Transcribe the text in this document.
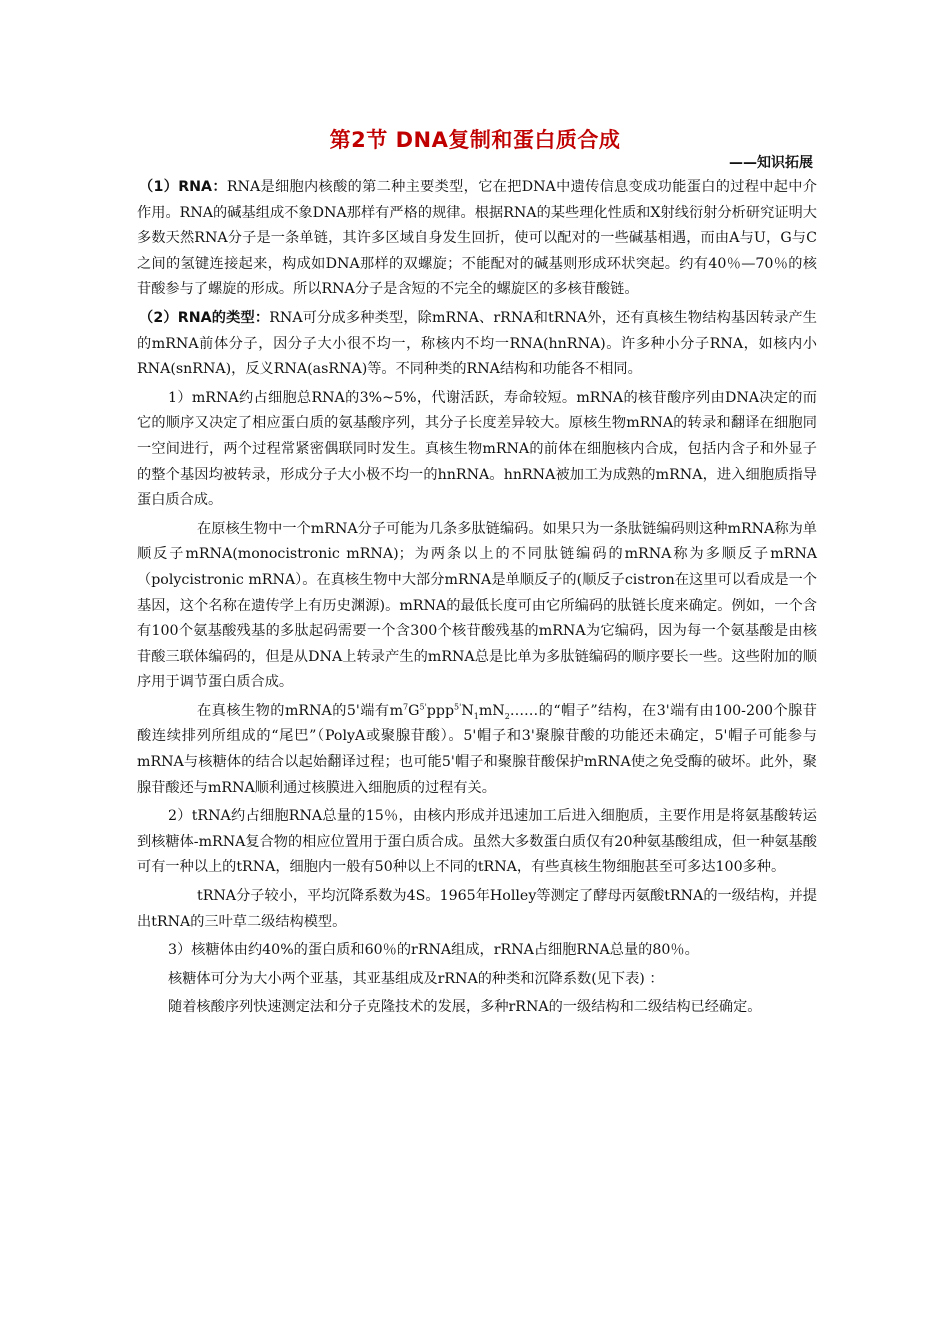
第2节 DNA复制和蛋白质合成
——知识拓展

（1）RNA：RNA是细胞内核酸的第二种主要类型，它在把DNA中遗传信息变成功能蛋白的过程中起中介作用。RNA的碱基组成不象DNA那样有严格的规律。根据RNA的某些理化性质和X射线衍射分析研究证明大多数天然RNA分子是一条单链，其许多区域自身发生回折，使可以配对的一些碱基相遇，而由A与U，G与C之间的氢键连接起来，构成如DNA那样的双螺旋；不能配对的碱基则形成环状突起。约有40％—70％的核苷酸参与了螺旋的形成。所以RNA分子是含短的不完全的螺旋区的多核苷酸链。

（2）RNA的类型：RNA可分成多种类型，除mRNA、rRNA和tRNA外，还有真核生物结构基因转录产生的mRNA前体分子，因分子大小很不均一，称核内不均一RNA(hnRNA)。许多种小分子RNA，如核内小RNA(snRNA)，反义RNA(asRNA)等。不同种类的RNA结构和功能各不相同。

1）mRNA约占细胞总RNA的3%~5%，代谢活跃，寿命较短。mRNA的核苷酸序列由DNA决定的而它的顺序又决定了相应蛋白质的氨基酸序列，其分子长度差异较大。原核生物mRNA的转录和翻译在细胞同一空间进行，两个过程常紧密偶联同时发生。真核生物mRNA的前体在细胞核内合成，包括内含子和外显子的整个基因均被转录，形成分子大小极不均一的hnRNA。hnRNA被加工为成熟的mRNA，进入细胞质指导蛋白质合成。

在原核生物中一个mRNA分子可能为几条多肽链编码。如果只为一条肽链编码则这种mRNA称为单顺反子mRNA(monocistronic mRNA)；为两条以上的不同肽链编码的mRNA称为多顺反子mRNA（polycistronic mRNA）。在真核生物中大部分mRNA是单顺反子的(顺反子cistron在这里可以看成是一个基因，这个名称在遗传学上有历史渊源)。mRNA的最低长度可由它所编码的肽链长度来确定。例如，一个含有100个氨基酸残基的多肽起码需要一个含300个核苷酸残基的mRNA为它编码，因为每一个氨基酸是由核苷酸三联体编码的，但是从DNA上转录产生的mRNA总是比单为多肽链编码的顺序要长一些。这些附加的顺序用于调节蛋白质合成。

在真核生物的mRNA的5'端有$m^7G^{5'}ppp^{5'}N_1mN_2\dots\dots$的“帽子”结构，在3'端有由100-200个腺苷酸连续排列所组成的“尾巴”（PolyA或聚腺苷酸）。5'帽子和3'聚腺苷酸的功能还未确定，5'帽子可能参与mRNA与核糖体的结合以起始翻译过程；也可能5'帽子和聚腺苷酸保护mRNA使之免受酶的破坏。此外，聚腺苷酸还与mRNA顺利通过核膜进入细胞质的过程有关。

2）tRNA约占细胞RNA总量的15％，由核内形成并迅速加工后进入细胞质，主要作用是将氨基酸转运到核糖体-mRNA复合物的相应位置用于蛋白质合成。虽然大多数蛋白质仅有20种氨基酸组成，但一种氨基酸可有一种以上的tRNA，细胞内一般有50种以上不同的tRNA，有些真核生物细胞甚至可多达100多种。

tRNA分子较小，平均沉降系数为4S。1965年Holley等测定了酵母丙氨酸tRNA的一级结构，并提出tRNA的三叶草二级结构模型。

3）核糖体由约40%的蛋白质和60％的rRNA组成，rRNA占细胞RNA总量的80％。

核糖体可分为大小两个亚基，其亚基组成及rRNA的种类和沉降系数(见下表) ：

随着核酸序列快速测定法和分子克隆技术的发展，多种rRNA的一级结构和二级结构已经确定。
